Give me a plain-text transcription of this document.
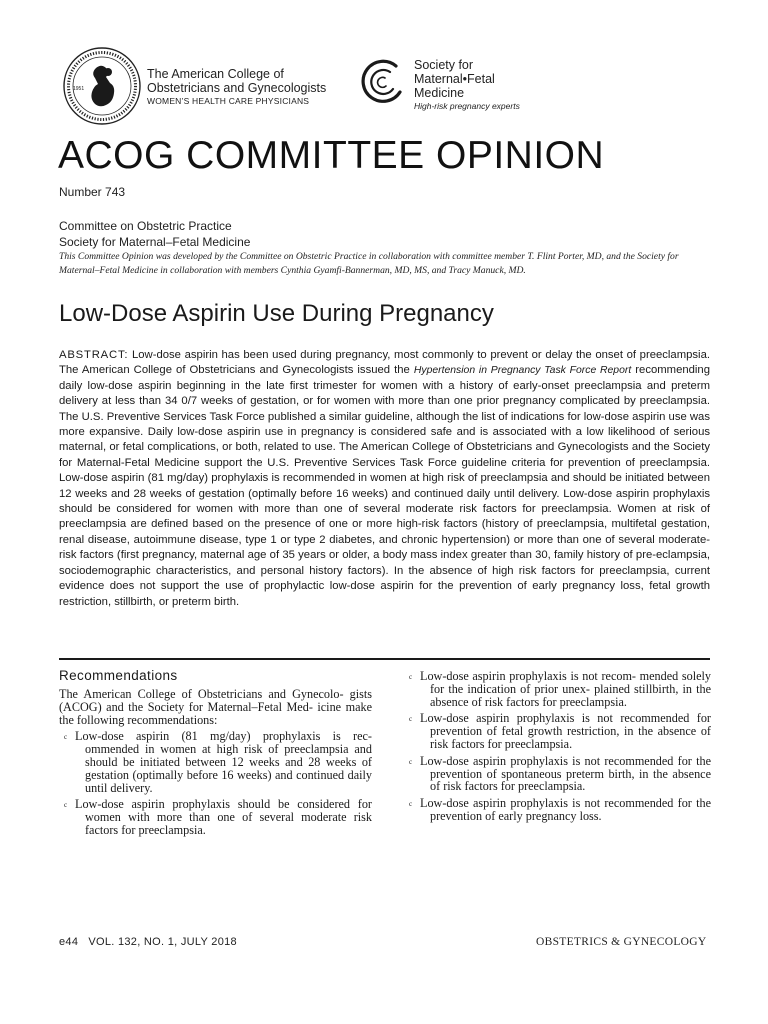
1951
The American College of
Obstetricians and Gynecologists
WOMEN’S HEALTH CARE PHYSICIANS
Society for
Maternal•Fetal
Medicine
High-risk pregnancy experts
ACOG COMMITTEE OPINION
Number 743
Committee on Obstetric Practice
Society for Maternal–Fetal Medicine
This Committee Opinion was developed by the Committee on Obstetric Practice in collaboration with committee member T. Flint Porter, MD, and the Society for Maternal–Fetal Medicine in collaboration with members Cynthia Gyamfi-Bannerman, MD, MS, and Tracy Manuck, MD.
Low-Dose Aspirin Use During Pregnancy
ABSTRACT: Low-dose aspirin has been used during pregnancy, most commonly to prevent or delay the onset of preeclampsia. The American College of Obstetricians and Gynecologists issued the Hypertension in Pregnancy Task Force Report recommending daily low-dose aspirin beginning in the late first trimester for women with a history of early-onset preeclampsia and preterm delivery at less than 34 0/7 weeks of gestation, or for women with more than one prior pregnancy complicated by preeclampsia. The U.S. Preventive Services Task Force published a similar guideline, although the list of indications for low-dose aspirin use was more expansive. Daily low-dose aspirin use in pregnancy is considered safe and is associated with a low likelihood of serious maternal, or fetal complications, or both, related to use. The American College of Obstetricians and Gynecologists and the Society for Maternal-Fetal Medicine support the U.S. Preventive Services Task Force guideline criteria for prevention of preeclampsia. Low-dose aspirin (81 mg/day) prophylaxis is recommended in women at high risk of preeclampsia and should be initiated between 12 weeks and 28 weeks of gestation (optimally before 16 weeks) and continued daily until delivery. Low-dose aspirin prophylaxis should be considered for women with more than one of several moderate risk factors for preeclampsia. Women at risk of preeclampsia are defined based on the presence of one or more high-risk factors (history of preeclampsia, multifetal gestation, renal disease, autoimmune disease, type 1 or type 2 diabetes, and chronic hypertension) or more than one of several moderate-risk factors (first pregnancy, maternal age of 35 years or older, a body mass index greater than 30, family history of pre-eclampsia, sociodemographic characteristics, and personal history factors). In the absence of high risk factors for preeclampsia, current evidence does not support the use of prophylactic low-dose aspirin for the prevention of early pregnancy loss, fetal growth restriction, stillbirth, or preterm birth.
Recommendations
The American College of Obstetricians and Gynecolo- gists (ACOG) and the Society for Maternal–Fetal Med- icine make the following recommendations:
c Low-dose aspirin (81 mg/day) prophylaxis is rec- ommended in women at high risk of preeclampsia and should be initiated between 12 weeks and 28 weeks of gestation (optimally before 16 weeks) and continued daily until delivery.
c Low-dose aspirin prophylaxis should be considered for women with more than one of several moderate risk factors for preeclampsia.
c Low-dose aspirin prophylaxis is not recom- mended solely for the indication of prior unex- plained stillbirth, in the absence of risk factors for preeclampsia.
c Low-dose aspirin prophylaxis is not recommended for prevention of fetal growth restriction, in the absence of risk factors for preeclampsia.
c Low-dose aspirin prophylaxis is not recommended for the prevention of spontaneous preterm birth, in the absence of risk factors for preeclampsia.
c Low-dose aspirin prophylaxis is not recommended for the prevention of early pregnancy loss.
e44   VOL. 132, NO. 1, JULY 2018	OBSTETRICS & GYNECOLOGY
